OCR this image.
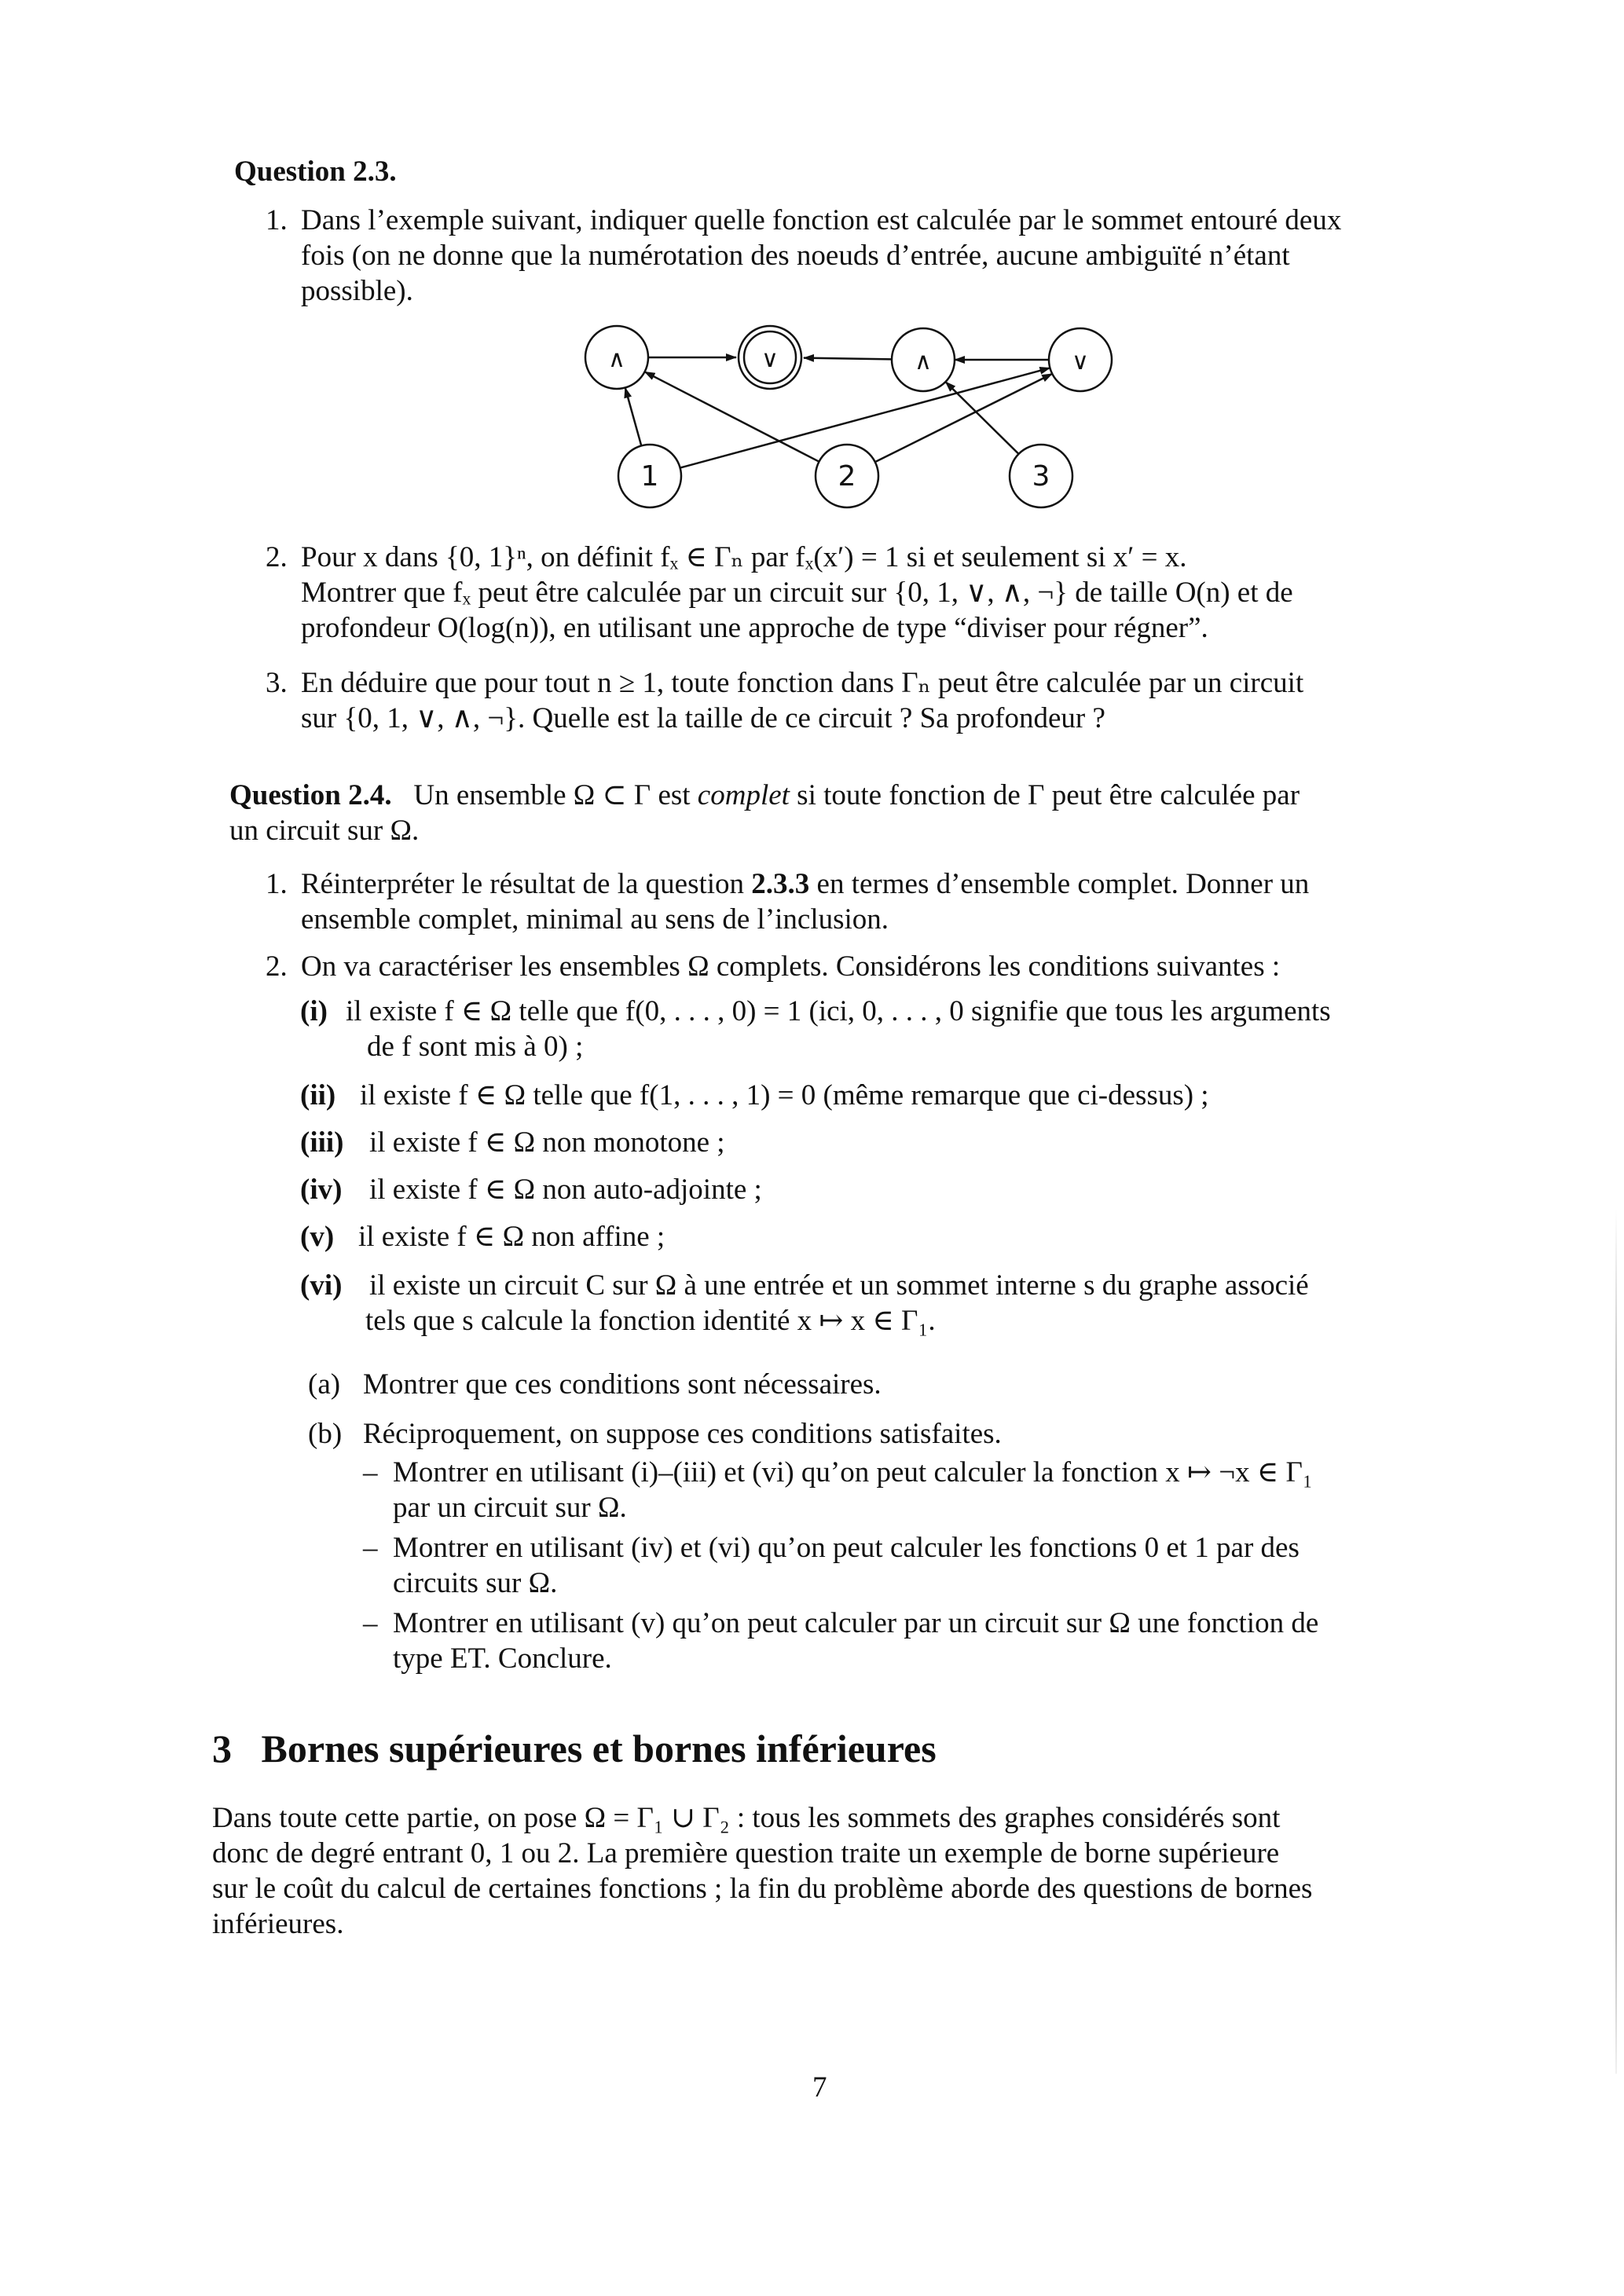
Question 2.3.
1. Dans l’exemple suivant, indiquer quelle fonction est calculée par le sommet entouré deux
fois (on ne donne que la numérotation des noeuds d’entrée, aucune ambiguïté n’étant
possible).
∧	∨	∧	∨
1	2	3
2. Pour x dans {0, 1}ⁿ, on définit fₓ ∈ Γₙ par fₓ(x′) = 1 si et seulement si x′ = x.
Montrer que fₓ peut être calculée par un circuit sur {0, 1, ∨, ∧, ¬} de taille O(n) et de
profondeur O(log(n)), en utilisant une approche de type “diviser pour régner”.
3. En déduire que pour tout n ≥ 1, toute fonction dans Γₙ peut être calculée par un circuit
sur {0, 1, ∨, ∧, ¬}. Quelle est la taille de ce circuit ? Sa profondeur ?
Question 2.4. Un ensemble Ω ⊂ Γ est complet si toute fonction de Γ peut être calculée par
un circuit sur Ω.
1. Réinterpréter le résultat de la question 2.3.3 en termes d’ensemble complet. Donner un
ensemble complet, minimal au sens de l’inclusion.
2. On va caractériser les ensembles Ω complets. Considérons les conditions suivantes :
(i) il existe f ∈ Ω telle que f(0, . . . , 0) = 1 (ici, 0, . . . , 0 signifie que tous les arguments
de f sont mis à 0) ;
(ii) il existe f ∈ Ω telle que f(1, . . . , 1) = 0 (même remarque que ci-dessus) ;
(iii) il existe f ∈ Ω non monotone ;
(iv) il existe f ∈ Ω non auto-adjointe ;
(v) il existe f ∈ Ω non affine ;
(vi) il existe un circuit C sur Ω à une entrée et un sommet interne s du graphe associé
tels que s calcule la fonction identité x ↦ x ∈ Γ₁.
(a) Montrer que ces conditions sont nécessaires.
(b) Réciproquement, on suppose ces conditions satisfaites.
– Montrer en utilisant (i)–(iii) et (vi) qu’on peut calculer la fonction x ↦ ¬x ∈ Γ₁
par un circuit sur Ω.
– Montrer en utilisant (iv) et (vi) qu’on peut calculer les fonctions 0 et 1 par des
circuits sur Ω.
– Montrer en utilisant (v) qu’on peut calculer par un circuit sur Ω une fonction de
type ET. Conclure.
3 Bornes supérieures et bornes inférieures
Dans toute cette partie, on pose Ω = Γ₁ ∪ Γ₂ : tous les sommets des graphes considérés sont
donc de degré entrant 0, 1 ou 2. La première question traite un exemple de borne supérieure
sur le coût du calcul de certaines fonctions ; la fin du problème aborde des questions de bornes
inférieures.
7
